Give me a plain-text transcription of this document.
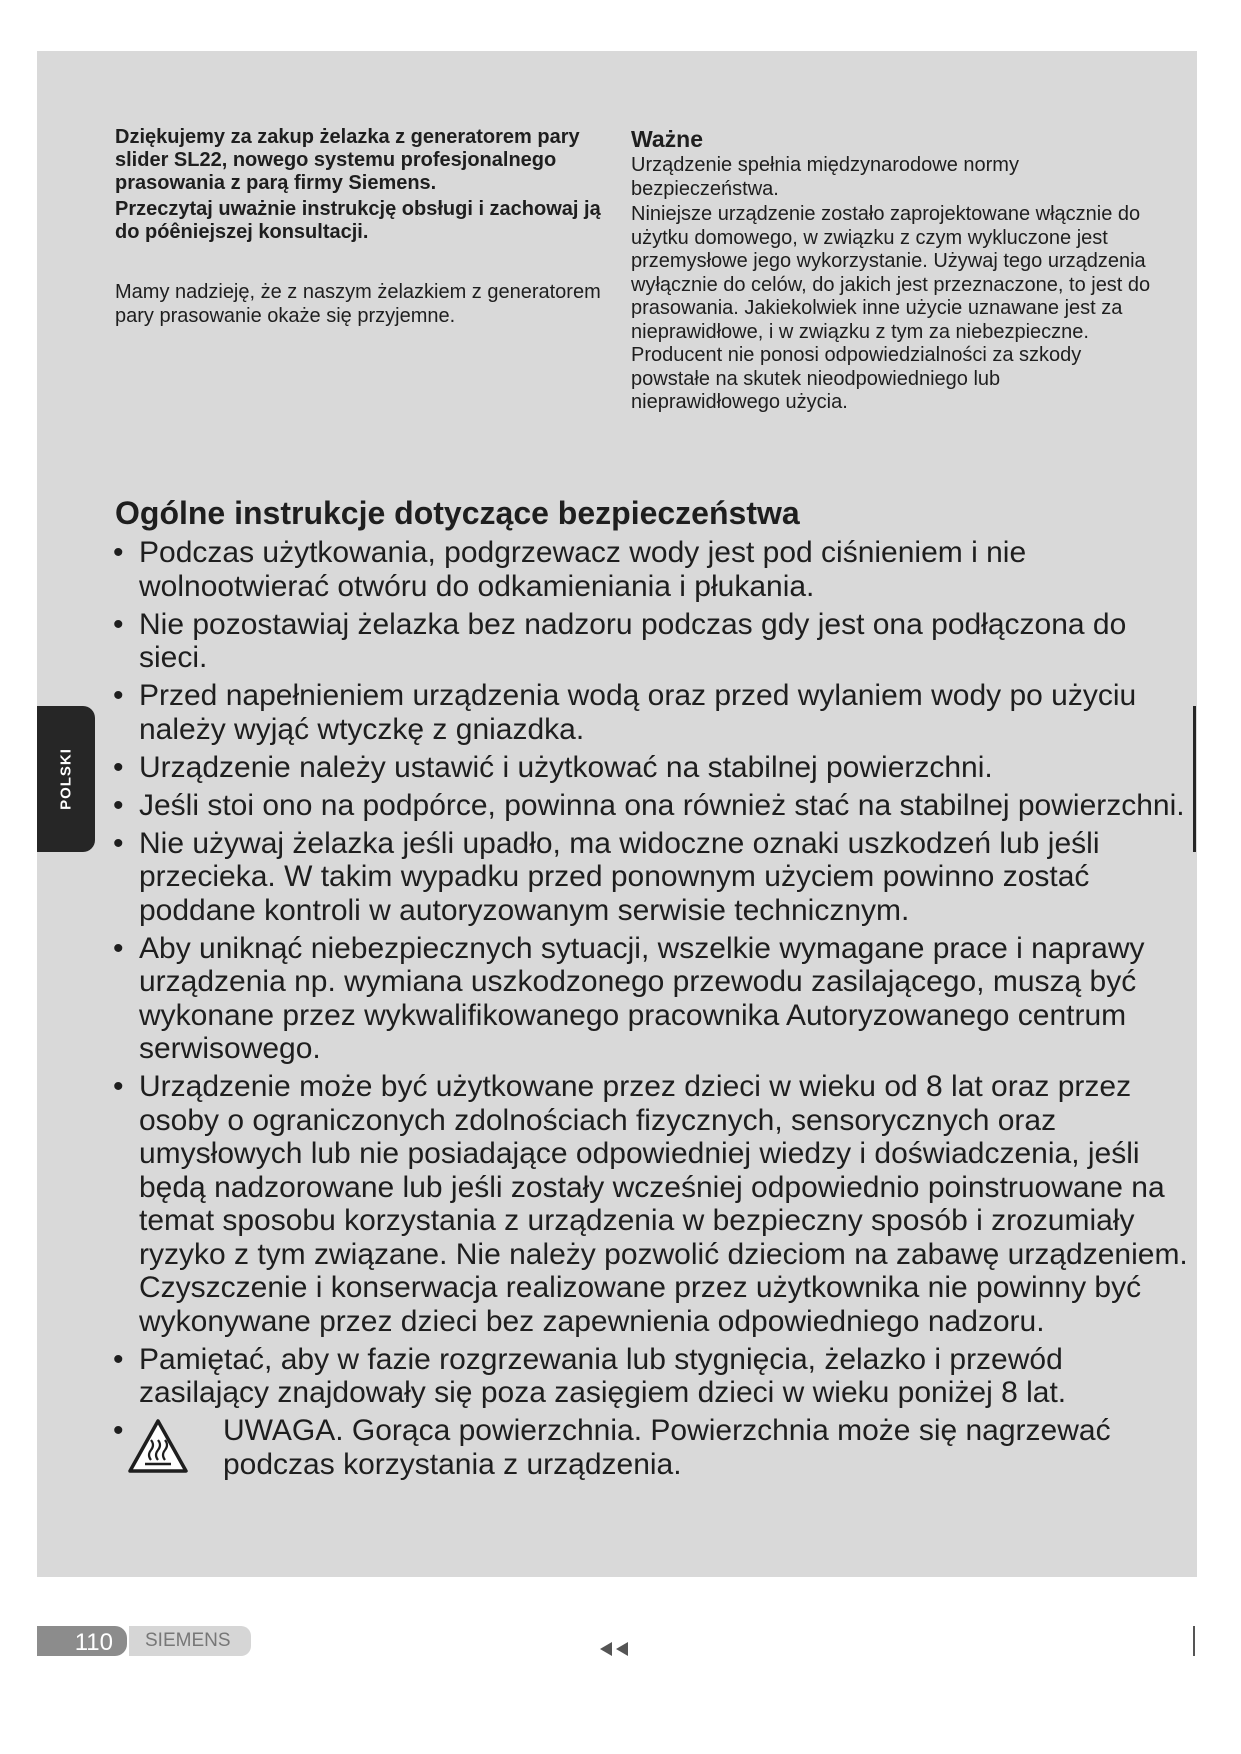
Dziękujemy za zakup żelazka z generatorem pary slider SL22, nowego systemu profesjonalnego prasowania z parą firmy Siemens.

Przeczytaj uważnie instrukcję obsługi i zachowaj ją do póêniejszej konsultacji.

Mamy nadzieję, że z naszym żelazkiem z generatorem pary prasowanie okaże się przyjemne.

Ważne

Urządzenie spełnia międzynarodowe normy bezpieczeństwa.

Niniejsze urządzenie zostało zaprojektowane włącznie do użytku domowego, w związku z czym wykluczone jest przemysłowe jego wykorzystanie. Używaj tego urządzenia wyłącznie do celów, do jakich jest przeznaczone, to jest do prasowania. Jakiekolwiek inne użycie uznawane jest za nieprawidłowe, i w związku z tym za niebezpieczne. Producent nie ponosi odpowiedzialności za szkody powstałe na skutek nieodpowiedniego lub nieprawidłowego użycia.

Ogólne instrukcje dotyczące bezpieczeństwa
• Podczas użytkowania, podgrzewacz wody jest pod ciśnieniem i nie wolnootwierać otwóru do odkamieniania i płukania.
• Nie pozostawiaj żelazka bez nadzoru podczas gdy jest ona podłączona do sieci.
• Przed napełnieniem urządzenia wodą oraz przed wylaniem wody po użyciu należy wyjąć wtyczkę z gniazdka.
• Urządzenie należy ustawić i użytkować na stabilnej powierzchni.
• Jeśli stoi ono na podpórce, powinna ona również stać na stabilnej powierzchni.
• Nie używaj żelazka jeśli upadło, ma widoczne oznaki uszkodzeń lub jeśli przecieka. W takim wypadku przed ponownym użyciem powinno zostać poddane kontroli w autoryzowanym serwisie technicznym.
• Aby uniknąć niebezpiecznych sytuacji, wszelkie wymagane prace i naprawy urządzenia np. wymiana uszkodzonego przewodu zasilającego, muszą być wykonane przez wykwalifikowanego pracownika Autoryzowanego centrum serwisowego.
• Urządzenie może być użytkowane przez dzieci w wieku od 8 lat oraz przez osoby o ograniczonych zdolnościach fizycznych, sensorycznych oraz umysłowych lub nie posiadające odpowiedniej wiedzy i doświadczenia, jeśli będą nadzorowane lub jeśli zostały wcześniej odpowiednio poinstruowane na temat sposobu korzystania z urządzenia w bezpieczny sposób i zrozumiały ryzyko z tym związane. Nie należy pozwolić dzieciom na zabawę urządzeniem. Czyszczenie i konserwacja realizowane przez użytkownika nie powinny być wykonywane przez dzieci bez zapewnienia odpowiedniego nadzoru.
• Pamiętać, aby w fazie rozgrzewania lub stygnięcia, żelazko i przewód zasilający znajdowały się poza zasięgiem dzieci w wieku poniżej 8 lat.
• UWAGA. Gorąca powierzchnia. Powierzchnia może się nagrzewać
podczas korzystania z urządzenia.
POLSKI
110 SIEMENS
